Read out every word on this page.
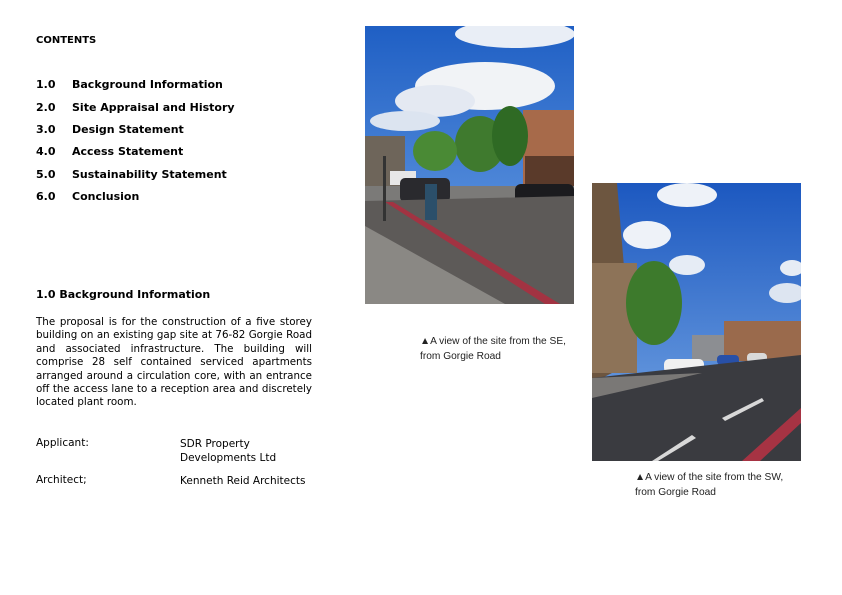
CONTENTS
1.0 Background Information
2.0 Site Appraisal and History
3.0 Design Statement
4.0 Access Statement
5.0 Sustainability Statement
6.0 Conclusion
1.0 Background Information
The proposal is for the construction of a five storey building on an existing gap site at 76-82 Gorgie Road and associated infrastructure. The building will comprise 28 self contained serviced apartments arranged around a circulation core, with an entrance off the access lane to a reception area and discretely located plant room.
Applicant:	SDR Property Developments Ltd
Architect;	Kenneth Reid Architects
▲A view of the site from the SE, from Gorgie Road
▲A view of the site from the SW, from Gorgie Road
